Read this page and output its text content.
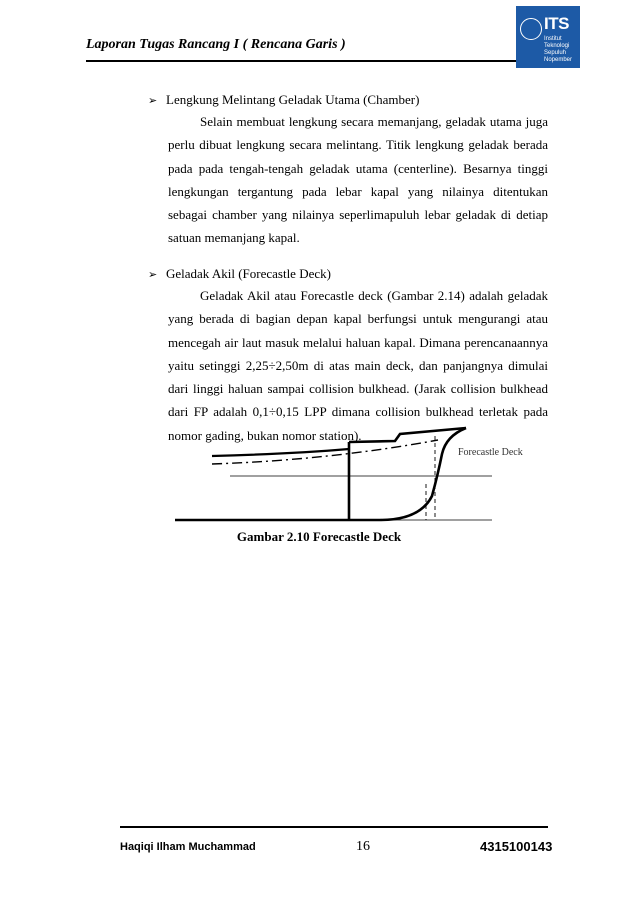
Laporan Tugas Rancang I ( Rencana Garis )
ITS
Institut
Teknologi
Sepuluh Nopember
➢ Lengkung Melintang Geladak Utama (Chamber)
Selain membuat lengkung secara memanjang, geladak utama juga perlu dibuat lengkung secara melintang. Titik lengkung geladak berada pada pada tengah-tengah geladak utama (centerline). Besarnya tinggi lengkungan tergantung pada lebar kapal yang nilainya ditentukan sebagai chamber yang nilainya seperlimapuluh lebar geladak di detiap satuan memanjang kapal.
➢ Geladak Akil (Forecastle Deck)
Geladak Akil atau Forecastle deck (Gambar 2.14) adalah geladak yang berada di bagian depan kapal berfungsi untuk mengurangi atau mencegah air laut masuk melalui haluan kapal. Dimana perencanaannya yaitu setinggi 2,25÷2,50m di atas main deck, dan panjangnya dimulai dari linggi haluan sampai collision bulkhead. (Jarak collision bulkhead dari FP adalah 0,1÷0,15 LPP dimana collision bulkhead terletak pada nomor gading, bukan nomor station).
Forecastle Deck
Gambar 2.10 Forecastle Deck
Haqiqi Ilham Muchammad	16	4315100143
